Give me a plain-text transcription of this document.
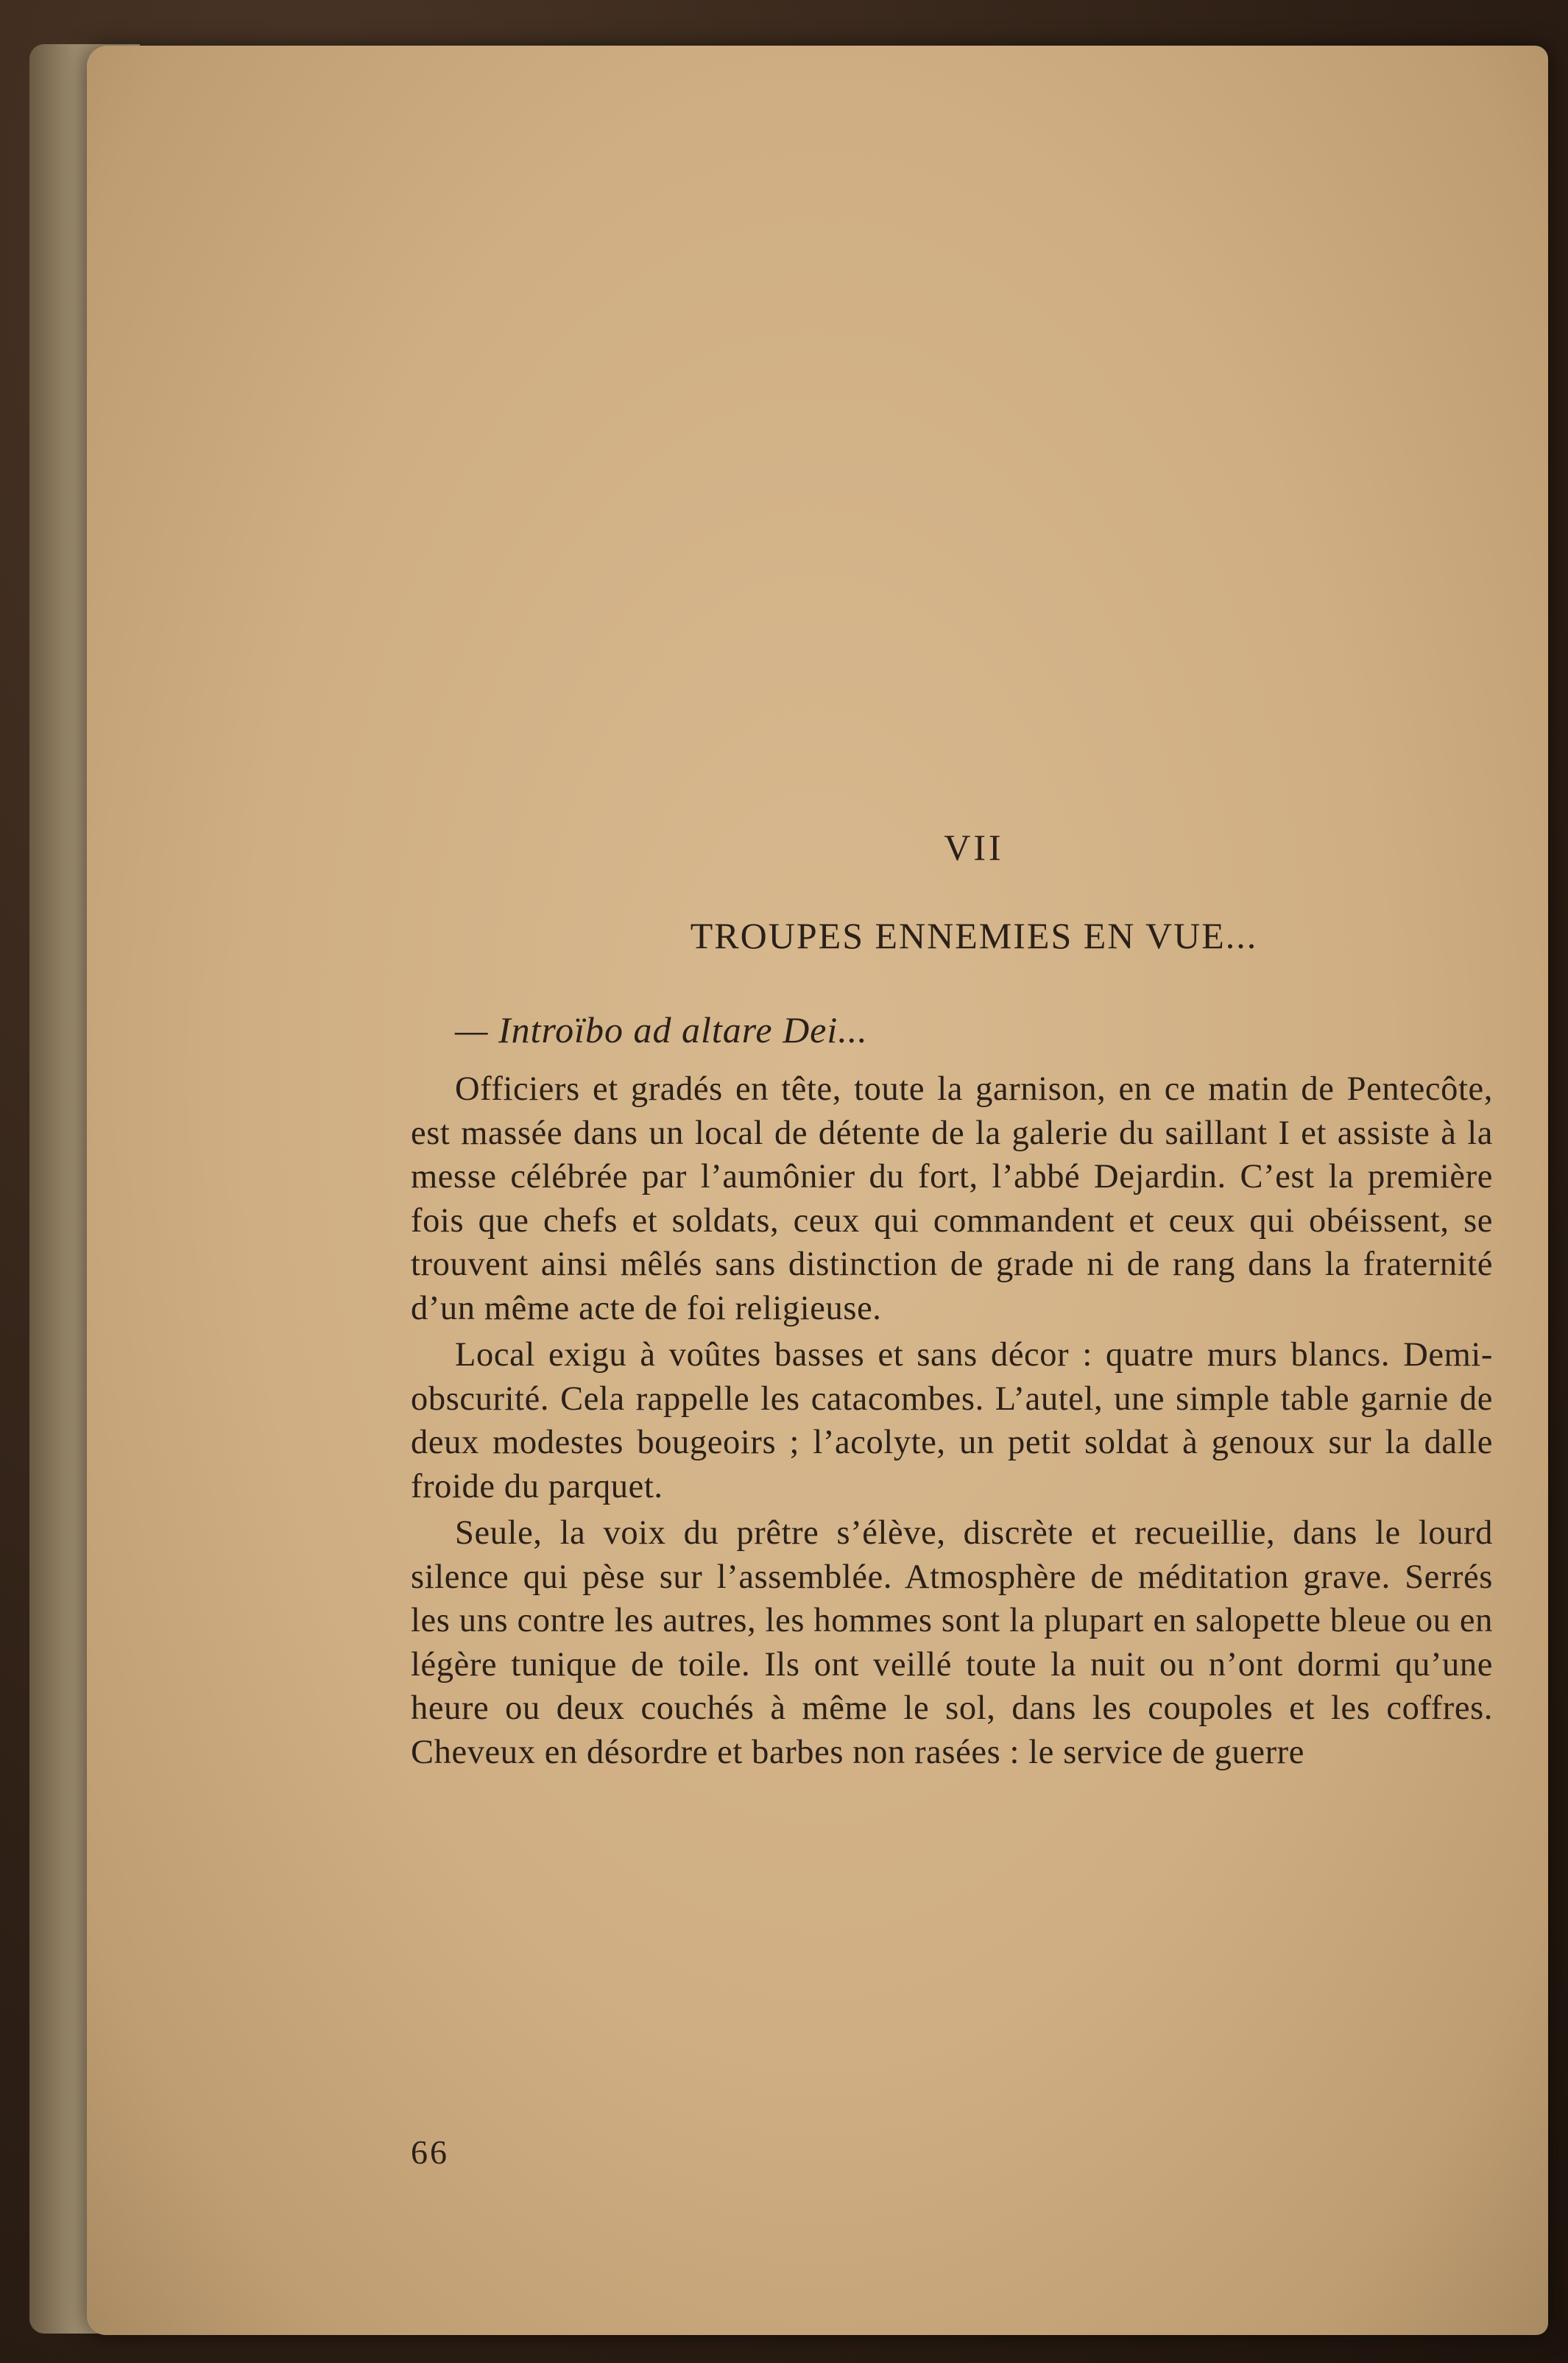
VII
TROUPES ENNEMIES EN VUE...
— Introïbo ad altare Dei...

Officiers et gradés en tête, toute la garnison, en ce matin de Pentecôte, est massée dans un local de détente de la galerie du saillant I et assiste à la messe célébrée par l’aumônier du fort, l’abbé Dejardin. C’est la première fois que chefs et soldats, ceux qui commandent et ceux qui obéissent, se trouvent ainsi mêlés sans distinction de grade ni de rang dans la fraternité d’un même acte de foi religieuse.

Local exigu à voûtes basses et sans décor : quatre murs blancs. Demi-obscurité. Cela rappelle les catacombes. L’autel, une simple table garnie de deux modestes bougeoirs ; l’acolyte, un petit soldat à genoux sur la dalle froide du parquet.

Seule, la voix du prêtre s’élève, discrète et recueillie, dans le lourd silence qui pèse sur l’assemblée. Atmosphère de méditation grave. Serrés les uns contre les autres, les hommes sont la plupart en salopette bleue ou en légère tunique de toile. Ils ont veillé toute la nuit ou n’ont dormi qu’une heure ou deux couchés à même le sol, dans les coupoles et les coffres. Cheveux en désordre et barbes non rasées : le service de guerre

66
